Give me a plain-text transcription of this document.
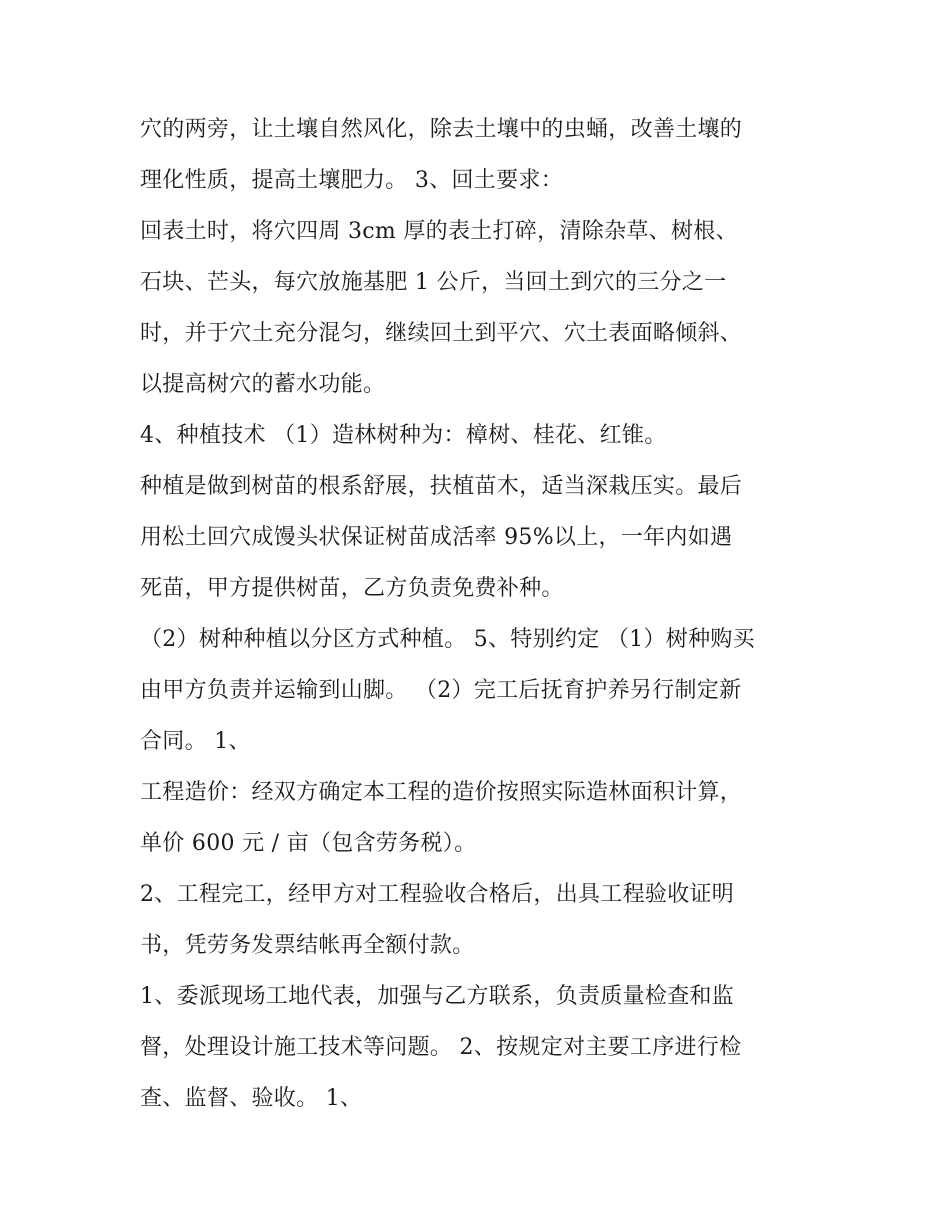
穴的两旁，让土壤自然风化，除去土壤中的虫蛹，改善土壤的
理化性质，提高土壤肥力。 3、回土要求：
回表土时，将穴四周 3cm 厚的表土打碎，清除杂草、树根、
石块、芒头，每穴放施基肥 1 公斤，当回土到穴的三分之一
时，并于穴土充分混匀，继续回土到平穴、穴土表面略倾斜、
以提高树穴的蓄水功能。
4、种植技术 （1）造林树种为：樟树、桂花、红锥。
种植是做到树苗的根系舒展，扶植苗木，适当深栽压实。最后
用松土回穴成馒头状保证树苗成活率 95%以上，一年内如遇
死苗，甲方提供树苗，乙方负责免费补种。
（2）树种种植以分区方式种植。 5、特别约定 （1）树种购买
由甲方负责并运输到山脚。 （2）完工后抚育护养另行制定新
合同。 1、
工程造价：经双方确定本工程的造价按照实际造林面积计算，
单价 600 元 / 亩（包含劳务税）。
2、工程完工，经甲方对工程验收合格后，出具工程验收证明
书，凭劳务发票结帐再全额付款。
1、委派现场工地代表，加强与乙方联系，负责质量检查和监
督，处理设计施工技术等问题。 2、按规定对主要工序进行检
查、监督、验收。 1、
